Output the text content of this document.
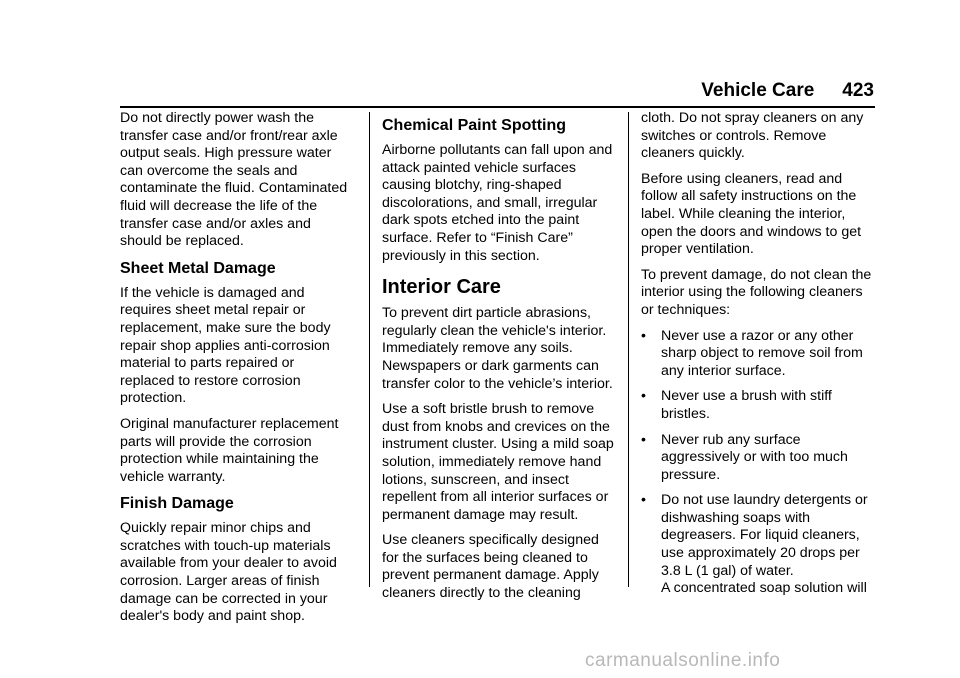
Vehicle Care 423

Do not directly power wash the transfer case and/or front/rear axle output seals. High pressure water can overcome the seals and contaminate the fluid. Contaminated fluid will decrease the life of the transfer case and/or axles and should be replaced.

Sheet Metal Damage

If the vehicle is damaged and requires sheet metal repair or replacement, make sure the body repair shop applies anti-corrosion material to parts repaired or replaced to restore corrosion protection.

Original manufacturer replacement parts will provide the corrosion protection while maintaining the vehicle warranty.

Finish Damage

Quickly repair minor chips and scratches with touch-up materials available from your dealer to avoid corrosion. Larger areas of finish damage can be corrected in your dealer's body and paint shop.

Chemical Paint Spotting

Airborne pollutants can fall upon and attack painted vehicle surfaces causing blotchy, ring-shaped discolorations, and small, irregular dark spots etched into the paint surface. Refer to “Finish Care” previously in this section.

Interior Care

To prevent dirt particle abrasions, regularly clean the vehicle's interior. Immediately remove any soils. Newspapers or dark garments can transfer color to the vehicle’s interior.

Use a soft bristle brush to remove dust from knobs and crevices on the instrument cluster. Using a mild soap solution, immediately remove hand lotions, sunscreen, and insect repellent from all interior surfaces or permanent damage may result.

Use cleaners specifically designed for the surfaces being cleaned to prevent permanent damage. Apply cleaners directly to the cleaning

cloth. Do not spray cleaners on any switches or controls. Remove cleaners quickly.

Before using cleaners, read and follow all safety instructions on the label. While cleaning the interior, open the doors and windows to get proper ventilation.

To prevent damage, do not clean the interior using the following cleaners or techniques:

•	Never use a razor or any other sharp object to remove soil from any interior surface.
•	Never use a brush with stiff bristles.
•	Never rub any surface aggressively or with too much pressure.
•	Do not use laundry detergents or dishwashing soaps with degreasers. For liquid cleaners, use approximately 20 drops per 3.8 L (1 gal) of water.
A concentrated soap solution will
carmanualsonline.info
